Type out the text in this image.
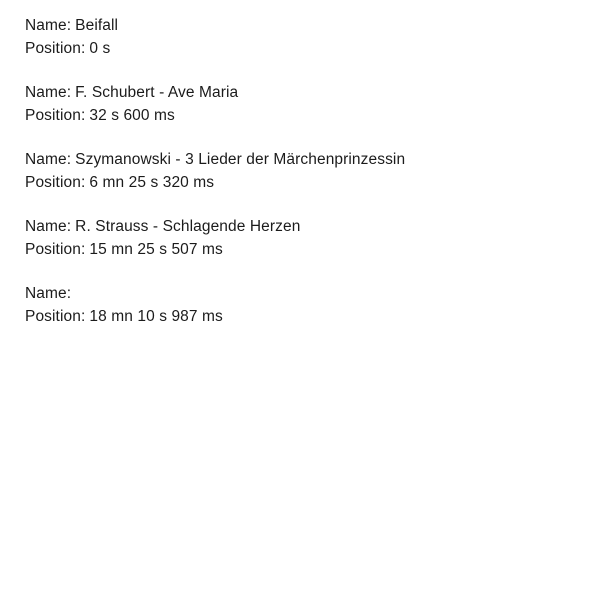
Name: Beifall
Position: 0 s
Name: F. Schubert - Ave Maria
Position: 32 s 600 ms
Name: Szymanowski - 3 Lieder der Märchenprinzessin
Position: 6 mn 25 s 320 ms
Name: R. Strauss - Schlagende Herzen
Position: 15 mn 25 s 507 ms
Name:
Position: 18 mn 10 s 987 ms
